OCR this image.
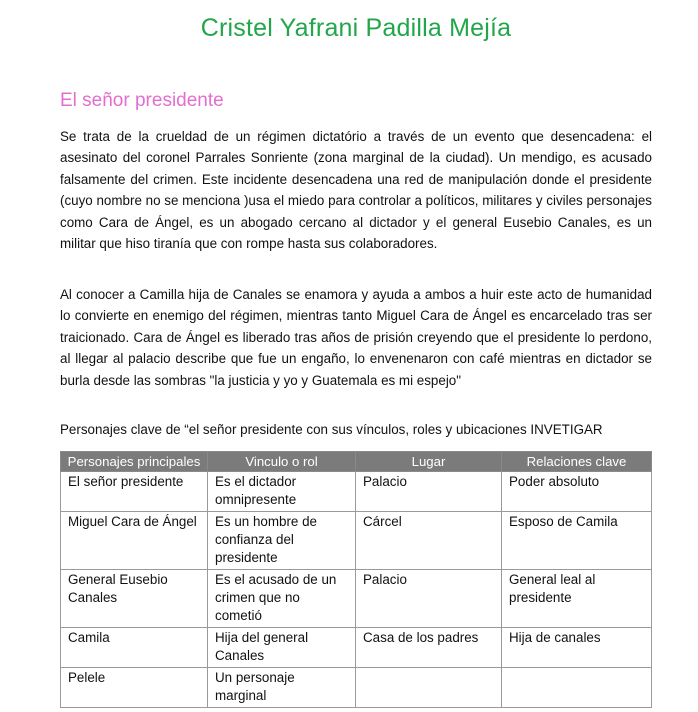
Cristel Yafrani Padilla Mejía
El señor presidente

Se trata de la crueldad de un régimen dictatório a través de un evento que desencadena: el asesinato del coronel Parrales Sonriente (zona marginal de la ciudad). Un mendigo, es acusado falsamente del crimen. Este incidente desencadena una red de manipulación donde el presidente (cuyo nombre no se menciona )usa el miedo para controlar a políticos, militares y civiles personajes como Cara de Ángel, es un abogado cercano al dictador y el general Eusebio Canales, es un militar que hiso tiranía que con rompe hasta sus colaboradores.

Al conocer a Camilla hija de Canales se enamora y ayuda a ambos a huir este acto de humanidad lo convierte en enemigo del régimen, mientras tanto Miguel Cara de Ángel es encarcelado tras ser traicionado. Cara de Ángel es liberado tras años de prisión creyendo que el presidente lo perdono, al llegar al palacio describe que fue un engaño, lo envenenaron con café mientras en dictador se burla desde las sombras "la justicia y yo y Guatemala es mi espejo"

Personajes clave de “el señor presidente con sus vínculos, roles y ubicaciones INVETIGAR
Personajes principales	Vinculo o rol	Lugar	Relaciones clave
El señor presidente	Es el dictador omnipresente	Palacio	Poder absoluto
Miguel Cara de Ángel	Es un hombre de confianza del presidente	Cárcel	Esposo de Camila
General Eusebio Canales	Es el acusado de un crimen que no cometió	Palacio	General leal al presidente
Camila	Hija del general Canales	Casa de los padres	Hija de canales
Pelele	Un personaje marginal		
